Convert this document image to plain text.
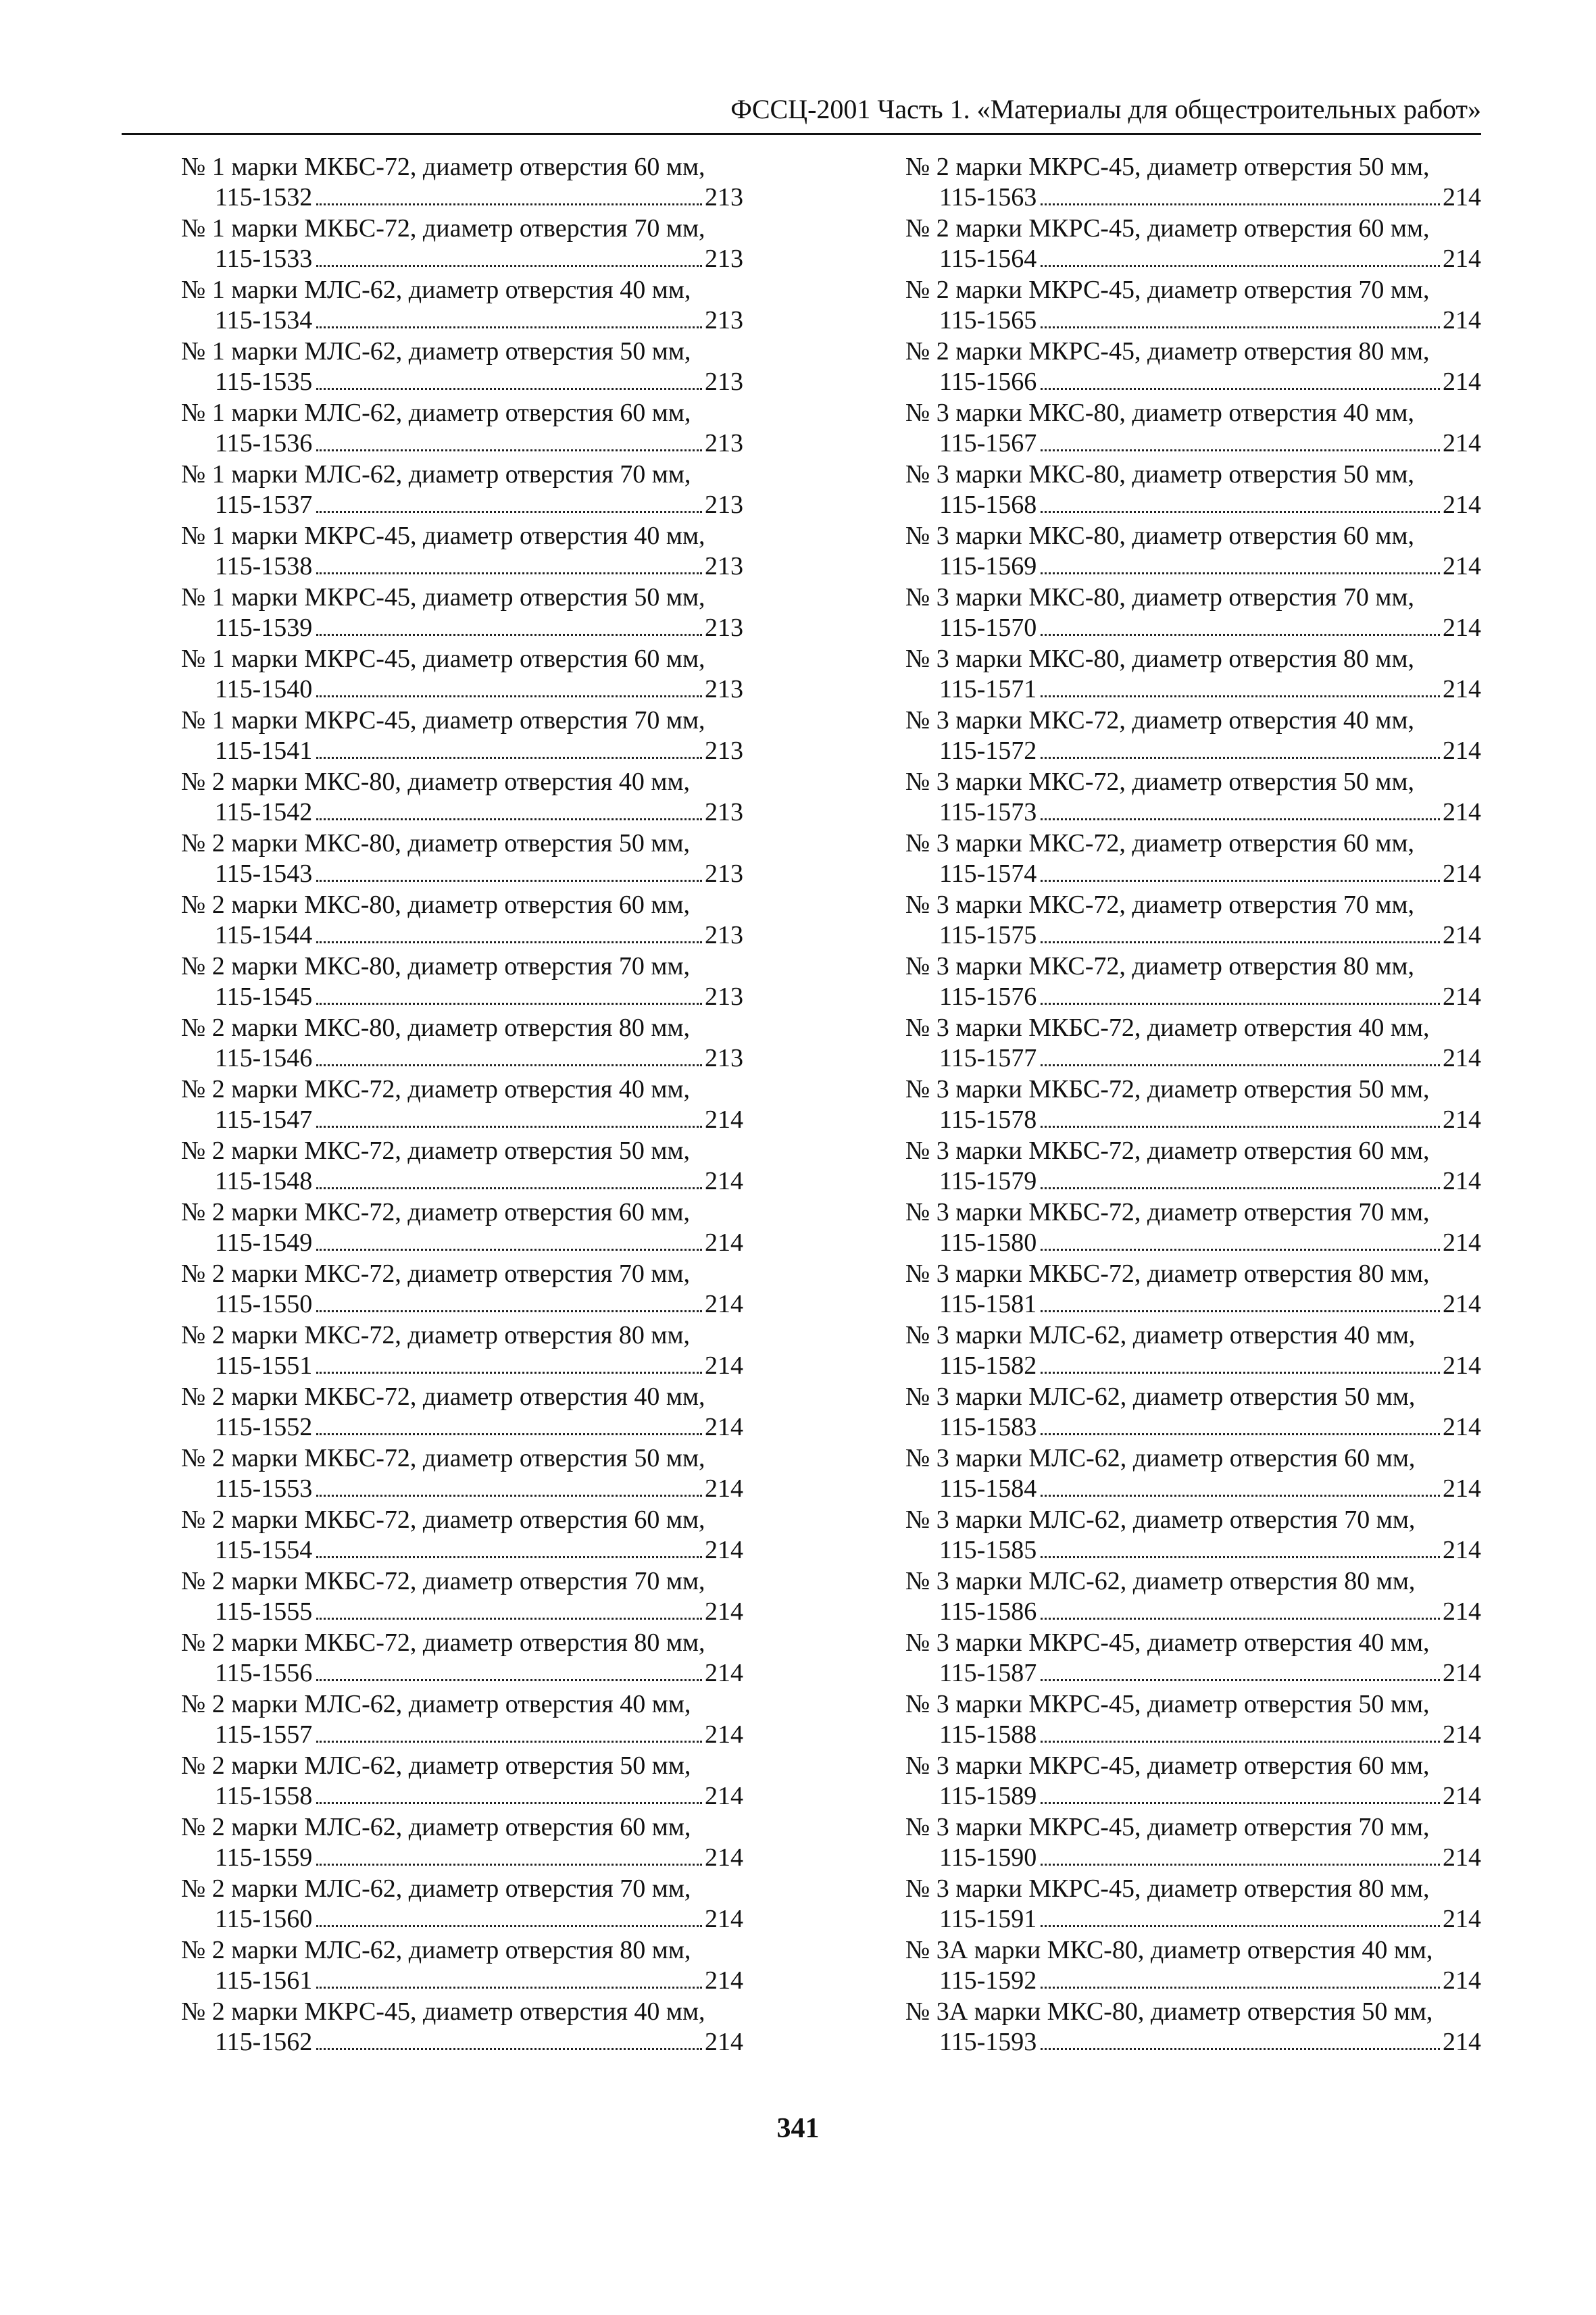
ФССЦ-2001 Часть 1. «Материалы для общестроительных работ»
№ 1 марки МКБС-72, диаметр отверстия 60 мм,
115-1532	213
№ 1 марки МКБС-72, диаметр отверстия 70 мм,
115-1533	213
№ 1 марки МЛС-62, диаметр отверстия 40 мм,
115-1534	213
№ 1 марки МЛС-62, диаметр отверстия 50 мм,
115-1535	213
№ 1 марки МЛС-62, диаметр отверстия 60 мм,
115-1536	213
№ 1 марки МЛС-62, диаметр отверстия 70 мм,
115-1537	213
№ 1 марки МКРС-45, диаметр отверстия 40 мм,
115-1538	213
№ 1 марки МКРС-45, диаметр отверстия 50 мм,
115-1539	213
№ 1 марки МКРС-45, диаметр отверстия 60 мм,
115-1540	213
№ 1 марки МКРС-45, диаметр отверстия 70 мм,
115-1541	213
№ 2 марки МКС-80, диаметр отверстия 40 мм,
115-1542	213
№ 2 марки МКС-80, диаметр отверстия 50 мм,
115-1543	213
№ 2 марки МКС-80, диаметр отверстия 60 мм,
115-1544	213
№ 2 марки МКС-80, диаметр отверстия 70 мм,
115-1545	213
№ 2 марки МКС-80, диаметр отверстия 80 мм,
115-1546	213
№ 2 марки МКС-72, диаметр отверстия 40 мм,
115-1547	214
№ 2 марки МКС-72, диаметр отверстия 50 мм,
115-1548	214
№ 2 марки МКС-72, диаметр отверстия 60 мм,
115-1549	214
№ 2 марки МКС-72, диаметр отверстия 70 мм,
115-1550	214
№ 2 марки МКС-72, диаметр отверстия 80 мм,
115-1551	214
№ 2 марки МКБС-72, диаметр отверстия 40 мм,
115-1552	214
№ 2 марки МКБС-72, диаметр отверстия 50 мм,
115-1553	214
№ 2 марки МКБС-72, диаметр отверстия 60 мм,
115-1554	214
№ 2 марки МКБС-72, диаметр отверстия 70 мм,
115-1555	214
№ 2 марки МКБС-72, диаметр отверстия 80 мм,
115-1556	214
№ 2 марки МЛС-62, диаметр отверстия 40 мм,
115-1557	214
№ 2 марки МЛС-62, диаметр отверстия 50 мм,
115-1558	214
№ 2 марки МЛС-62, диаметр отверстия 60 мм,
115-1559	214
№ 2 марки МЛС-62, диаметр отверстия 70 мм,
115-1560	214
№ 2 марки МЛС-62, диаметр отверстия 80 мм,
115-1561	214
№ 2 марки МКРС-45, диаметр отверстия 40 мм,
115-1562	214
№ 2 марки МКРС-45, диаметр отверстия 50 мм,
115-1563	214
№ 2 марки МКРС-45, диаметр отверстия 60 мм,
115-1564	214
№ 2 марки МКРС-45, диаметр отверстия 70 мм,
115-1565	214
№ 2 марки МКРС-45, диаметр отверстия 80 мм,
115-1566	214
№ 3 марки МКС-80, диаметр отверстия 40 мм,
115-1567	214
№ 3 марки МКС-80, диаметр отверстия 50 мм,
115-1568	214
№ 3 марки МКС-80, диаметр отверстия 60 мм,
115-1569	214
№ 3 марки МКС-80, диаметр отверстия 70 мм,
115-1570	214
№ 3 марки МКС-80, диаметр отверстия 80 мм,
115-1571	214
№ 3 марки МКС-72, диаметр отверстия 40 мм,
115-1572	214
№ 3 марки МКС-72, диаметр отверстия 50 мм,
115-1573	214
№ 3 марки МКС-72, диаметр отверстия 60 мм,
115-1574	214
№ 3 марки МКС-72, диаметр отверстия 70 мм,
115-1575	214
№ 3 марки МКС-72, диаметр отверстия 80 мм,
115-1576	214
№ 3 марки МКБС-72, диаметр отверстия 40 мм,
115-1577	214
№ 3 марки МКБС-72, диаметр отверстия 50 мм,
115-1578	214
№ 3 марки МКБС-72, диаметр отверстия 60 мм,
115-1579	214
№ 3 марки МКБС-72, диаметр отверстия 70 мм,
115-1580	214
№ 3 марки МКБС-72, диаметр отверстия 80 мм,
115-1581	214
№ 3 марки МЛС-62, диаметр отверстия 40 мм,
115-1582	214
№ 3 марки МЛС-62, диаметр отверстия 50 мм,
115-1583	214
№ 3 марки МЛС-62, диаметр отверстия 60 мм,
115-1584	214
№ 3 марки МЛС-62, диаметр отверстия 70 мм,
115-1585	214
№ 3 марки МЛС-62, диаметр отверстия 80 мм,
115-1586	214
№ 3 марки МКРС-45, диаметр отверстия 40 мм,
115-1587	214
№ 3 марки МКРС-45, диаметр отверстия 50 мм,
115-1588	214
№ 3 марки МКРС-45, диаметр отверстия 60 мм,
115-1589	214
№ 3 марки МКРС-45, диаметр отверстия 70 мм,
115-1590	214
№ 3 марки МКРС-45, диаметр отверстия 80 мм,
115-1591	214
№ 3А марки МКС-80, диаметр отверстия 40 мм,
115-1592	214
№ 3А марки МКС-80, диаметр отверстия 50 мм,
115-1593	214
341
